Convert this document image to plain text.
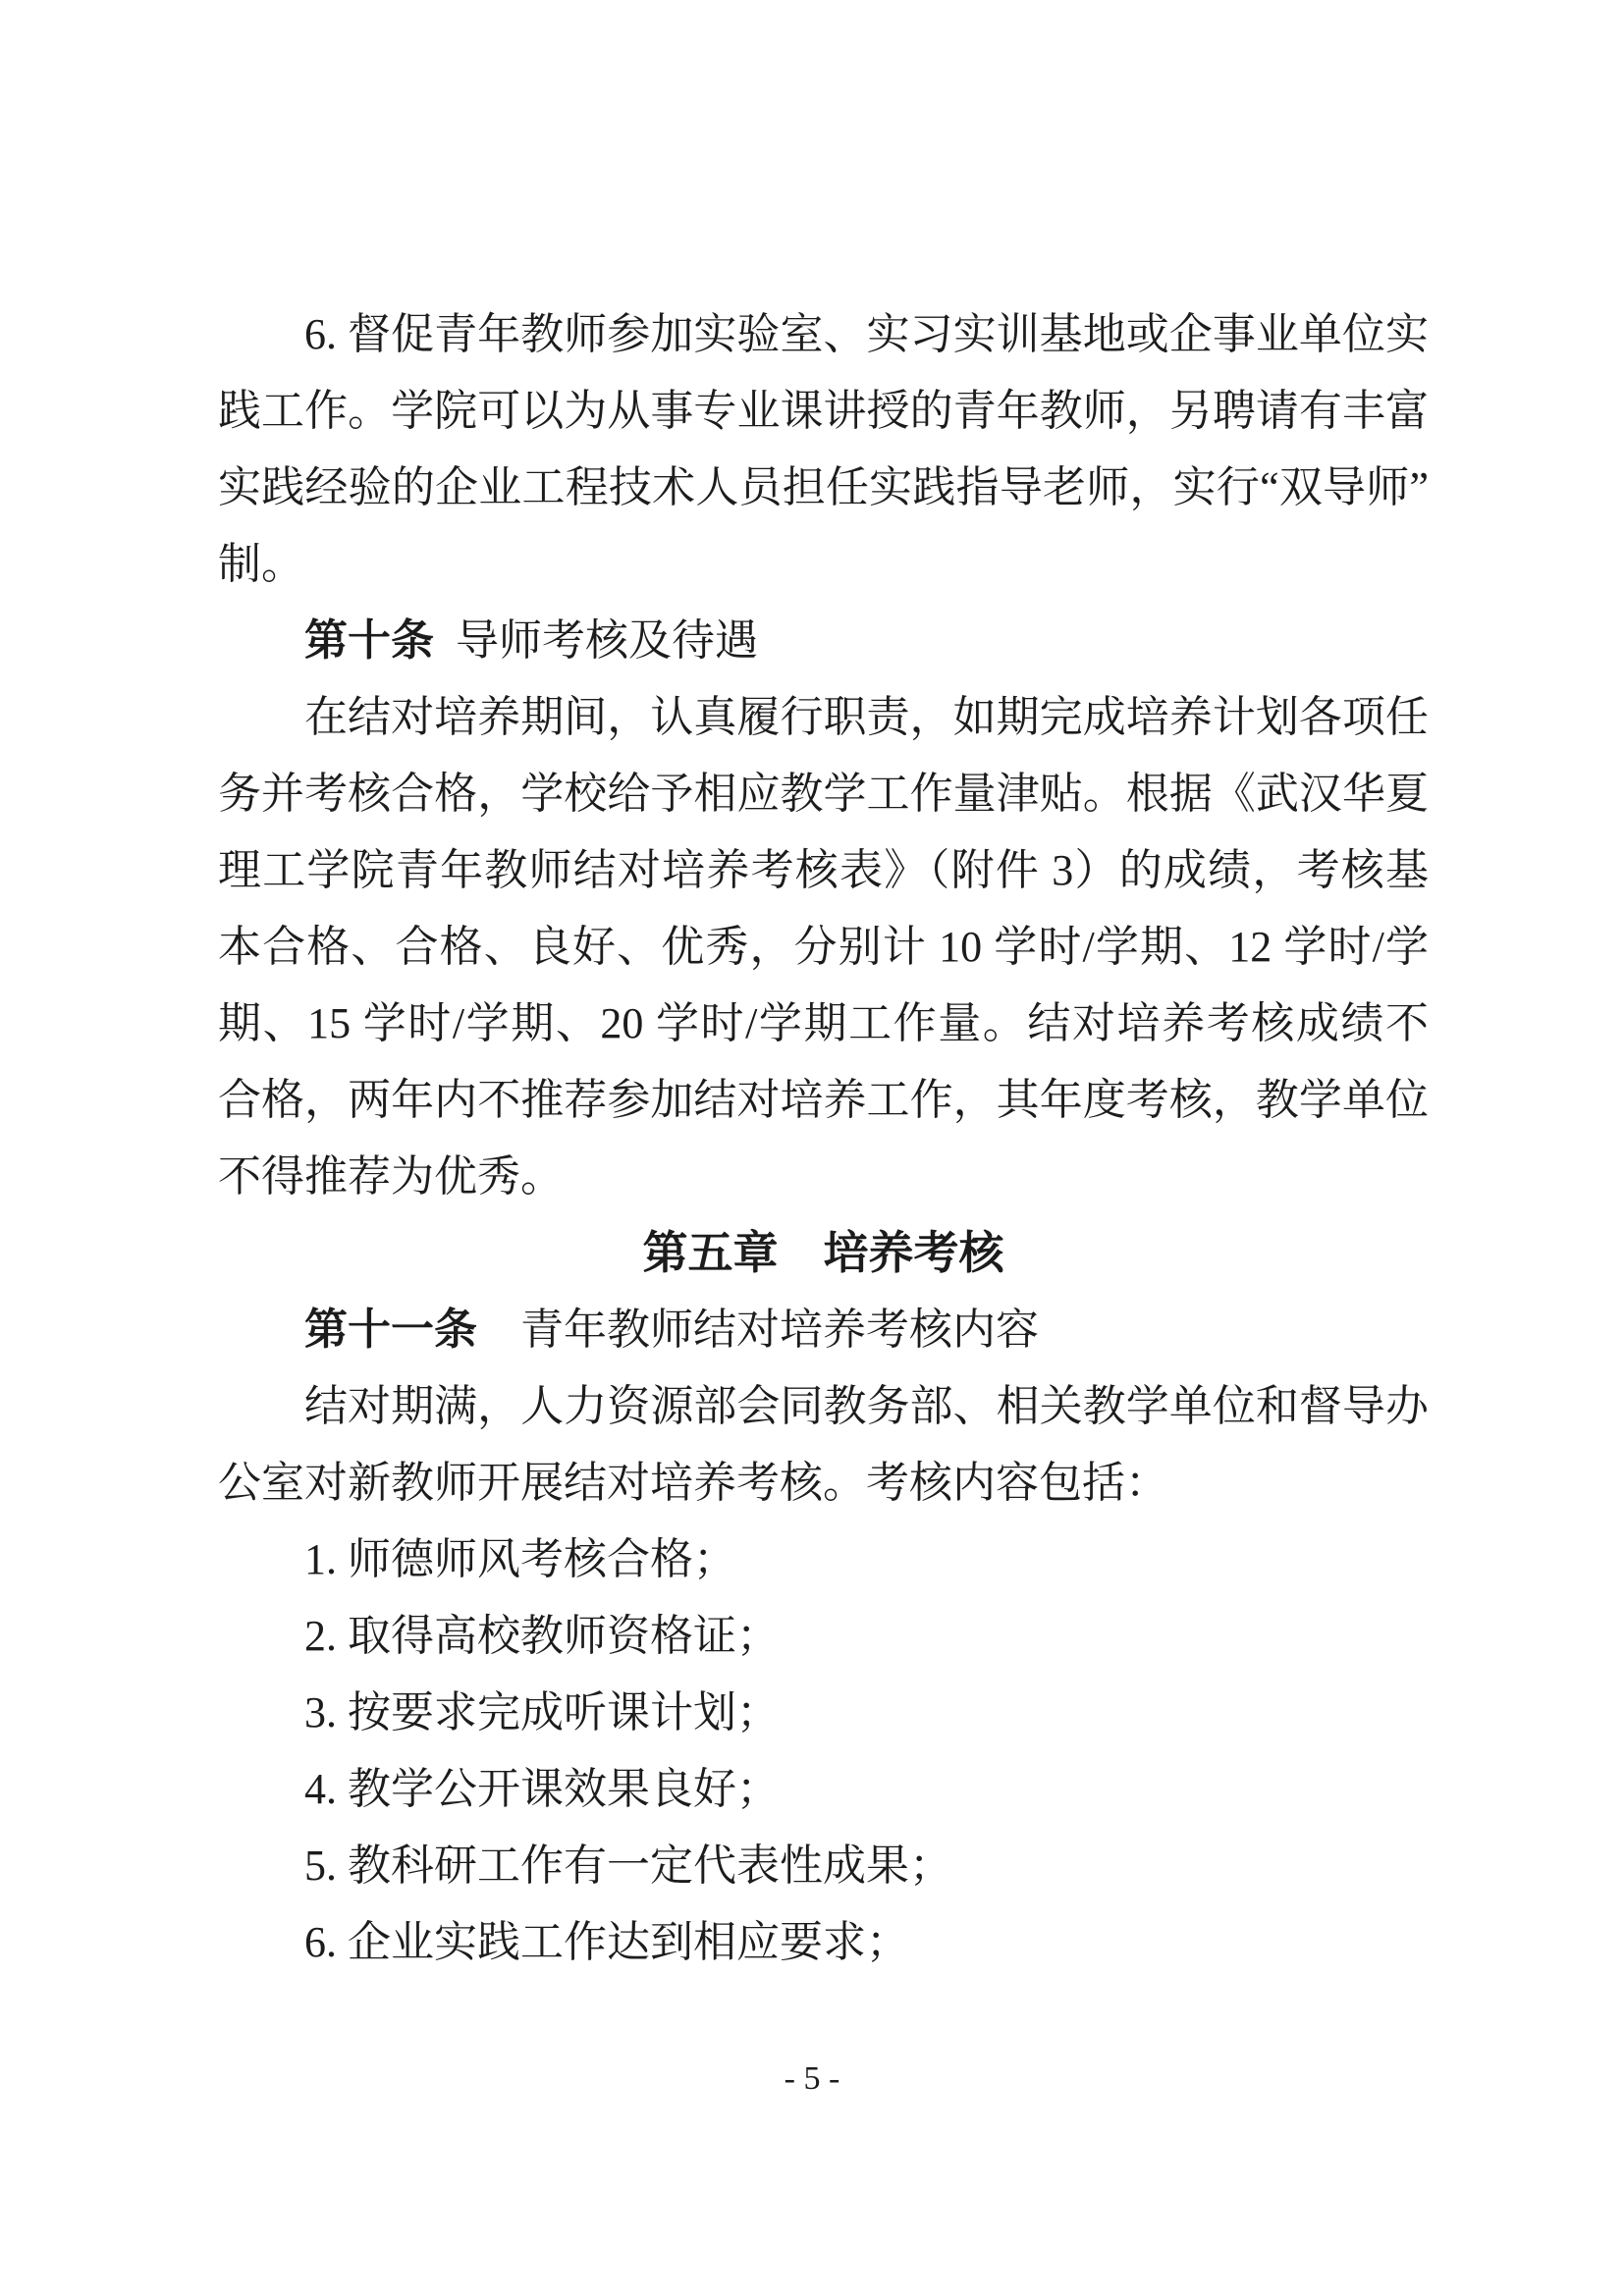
6. 督促青年教师参加实验室、实习实训基地或企事业单位实
践工作。学院可以为从事专业课讲授的青年教师，另聘请有丰富
实践经验的企业工程技术人员担任实践指导老师，实行“双导师”
制。
第十条 导师考核及待遇
在结对培养期间，认真履行职责，如期完成培养计划各项任
务并考核合格，学校给予相应教学工作量津贴。根据《武汉华夏
理工学院青年教师结对培养考核表》（附件 3）的成绩，考核基
本合格、合格、良好、优秀，分别计 10 学时/学期、12 学时/学
期、15 学时/学期、20 学时/学期工作量。结对培养考核成绩不
合格，两年内不推荐参加结对培养工作，其年度考核，教学单位
不得推荐为优秀。
第五章　培养考核
第十一条 青年教师结对培养考核内容
结对期满，人力资源部会同教务部、相关教学单位和督导办
公室对新教师开展结对培养考核。考核内容包括：
1. 师德师风考核合格；
2. 取得高校教师资格证；
3. 按要求完成听课计划；
4. 教学公开课效果良好；
5. 教科研工作有一定代表性成果；
6. 企业实践工作达到相应要求；
- 5 -
